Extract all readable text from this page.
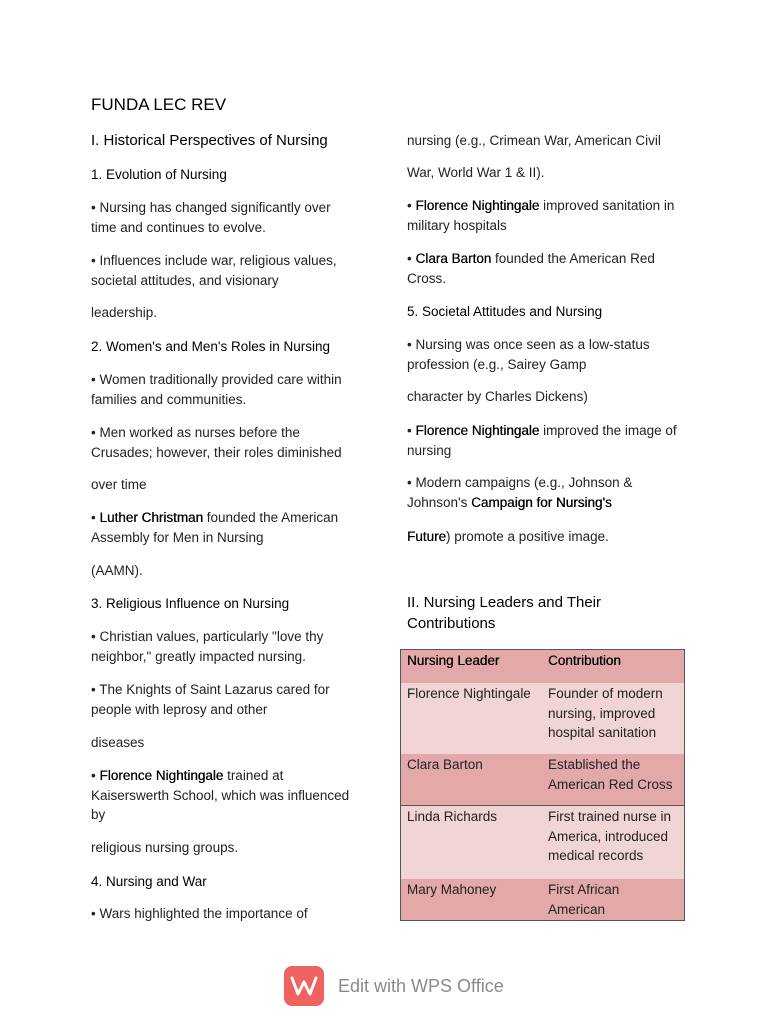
FUNDA LEC REV
I. Historical Perspectives of Nursing
1. Evolution of Nursing
• Nursing has changed significantly over time and continues to evolve.
• Influences include war, religious values, societal attitudes, and visionary
leadership.
2. Women's and Men's Roles in Nursing
• Women traditionally provided care within families and communities.
• Men worked as nurses before the Crusades; however, their roles diminished
over time
• Luther Christman founded the American Assembly for Men in Nursing
(AAMN).
3. Religious Influence on Nursing
• Christian values, particularly "love thy neighbor," greatly impacted nursing.
• The Knights of Saint Lazarus cared for people with leprosy and other
diseases
• Florence Nightingale trained at Kaiserswerth School, which was influenced by
religious nursing groups.
4. Nursing and War
• Wars highlighted the importance of
nursing (e.g., Crimean War, American Civil
War, World War 1 & II).
• Florence Nightingale improved sanitation in military hospitals
• Clara Barton founded the American Red Cross.
5. Societal Attitudes and Nursing
• Nursing was once seen as a low-status profession (e.g., Sairey Gamp
character by Charles Dickens)
• Florence Nightingale improved the image of nursing
• Modern campaigns (e.g., Johnson & Johnson's Campaign for Nursing's
Future) promote a positive image.
II. Nursing Leaders and Their Contributions
Nursing Leader	Contribution
Florence Nightingale	Founder of modern nursing, improved hospital sanitation
Clara Barton	Established the American Red Cross
Linda Richards	First trained nurse in America, introduced medical records
Mary Mahoney	First African American
Edit with WPS Office
